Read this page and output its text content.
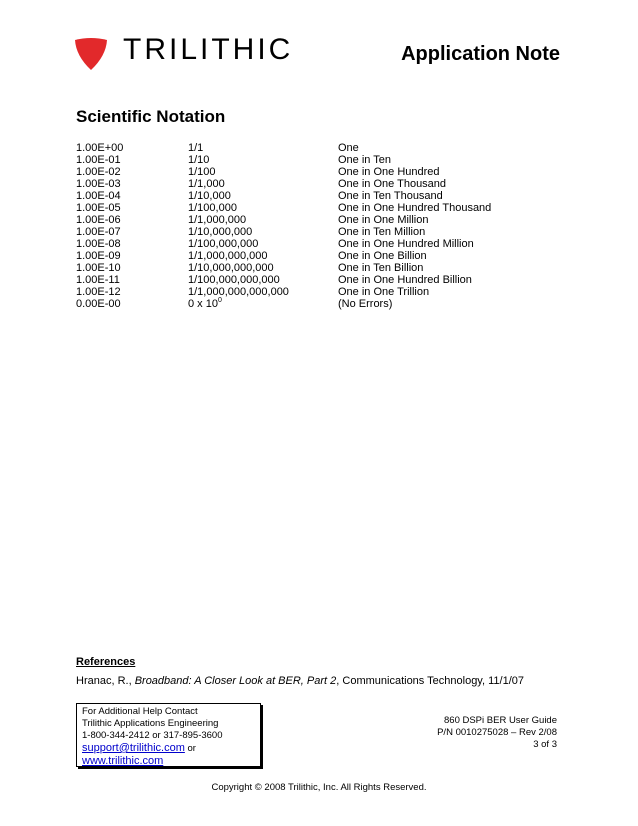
TRILITHIC	Application Note
Scientific Notation
1.00E+00	1/1	One
1.00E-01	1/10	One in Ten
1.00E-02	1/100	One in One Hundred
1.00E-03	1/1,000	One in One Thousand
1.00E-04	1/10,000	One in Ten Thousand
1.00E-05	1/100,000	One in One Hundred Thousand
1.00E-06	1/1,000,000	One in One Million
1.00E-07	1/10,000,000	One in Ten Million
1.00E-08	1/100,000,000	One in One Hundred Million
1.00E-09	1/1,000,000,000	One in One Billion
1.00E-10	1/10,000,000,000	One in Ten Billion
1.00E-11	1/100,000,000,000	One in One Hundred Billion
1.00E-12	1/1,000,000,000,000	One in One Trillion
0.00E-00	0 x $10^0$	(No Errors)
References
Hranac, R., Broadband: A Closer Look at BER, Part 2, Communications Technology, 11/1/07
For Additional Help Contact
Trilithic Applications Engineering
1-800-344-2412 or 317-895-3600
support@trilithic.com or
www.trilithic.com
860 DSPi BER User Guide
P/N 0010275028 – Rev 2/08
3 of 3
Copyright © 2008 Trilithic, Inc. All Rights Reserved.
